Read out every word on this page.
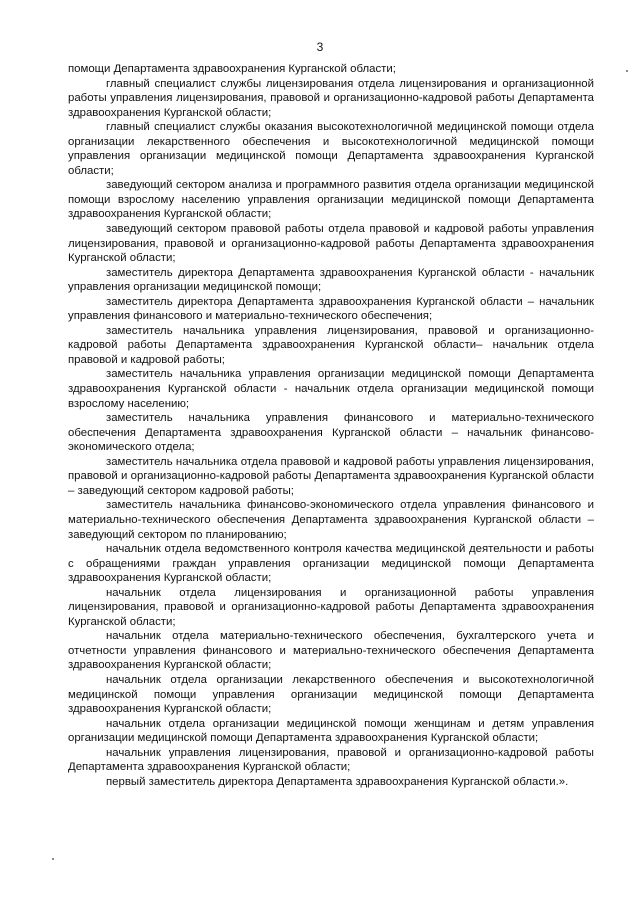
3

помощи Департамента здравоохранения Курганской области;

главный специалист службы лицензирования отдела лицензирования и организационной работы управления лицензирования, правовой и организационно-кадровой работы Департамента здравоохранения Курганской области;

главный специалист службы оказания высокотехнологичной медицинской помощи отдела организации лекарственного обеспечения и высокотехнологичной медицинской помощи управления организации медицинской помощи Департамента здравоохранения Курганской области;

заведующий сектором анализа и программного развития отдела организации медицинской помощи взрослому населению управления организации медицинской помощи Департамента здравоохранения Курганской области;

заведующий сектором правовой работы отдела правовой и кадровой работы управления лицензирования, правовой и организационно-кадровой работы Департамента здравоохранения Курганской области;

заместитель директора Департамента здравоохранения Курганской области - начальник управления организации медицинской помощи;

заместитель директора Департамента здравоохранения Курганской области – начальник управления финансового и материально-технического обеспечения;

заместитель начальника управления лицензирования, правовой и организационно-кадровой работы Департамента здравоохранения Курганской области– начальник отдела правовой и кадровой работы;

заместитель начальника управления организации медицинской помощи Департамента здравоохранения Курганской области - начальник отдела организации медицинской помощи взрослому населению;

заместитель начальника управления финансового и материально-технического обеспечения Департамента здравоохранения Курганской области – начальник финансово-экономического отдела;

заместитель начальника отдела правовой и кадровой работы управления лицензирования, правовой и организационно-кадровой работы Департамента здравоохранения Курганской области – заведующий сектором кадровой работы;

заместитель начальника финансово-экономического отдела управления финансового и материально-технического обеспечения Департамента здравоохранения Курганской области – заведующий сектором по планированию;

начальник отдела ведомственного контроля качества медицинской деятельности и работы с обращениями граждан управления организации медицинской помощи Департамента здравоохранения Курганской области;

начальник отдела лицензирования и организационной работы управления лицензирования, правовой и организационно-кадровой работы Департамента здравоохранения Курганской области;

начальник отдела материально-технического обеспечения, бухгалтерского учета и отчетности управления финансового и материально-технического обеспечения Департамента здравоохранения Курганской области;

начальник отдела организации лекарственного обеспечения и высокотехнологичной медицинской помощи управления организации медицинской помощи Департамента здравоохранения Курганской области;

начальник отдела организации медицинской помощи женщинам и детям управления организации медицинской помощи Департамента здравоохранения Курганской области;

начальник управления лицензирования, правовой и организационно-кадровой работы Департамента здравоохранения Курганской области;

первый заместитель директора Департамента здравоохранения Курганской области.».
